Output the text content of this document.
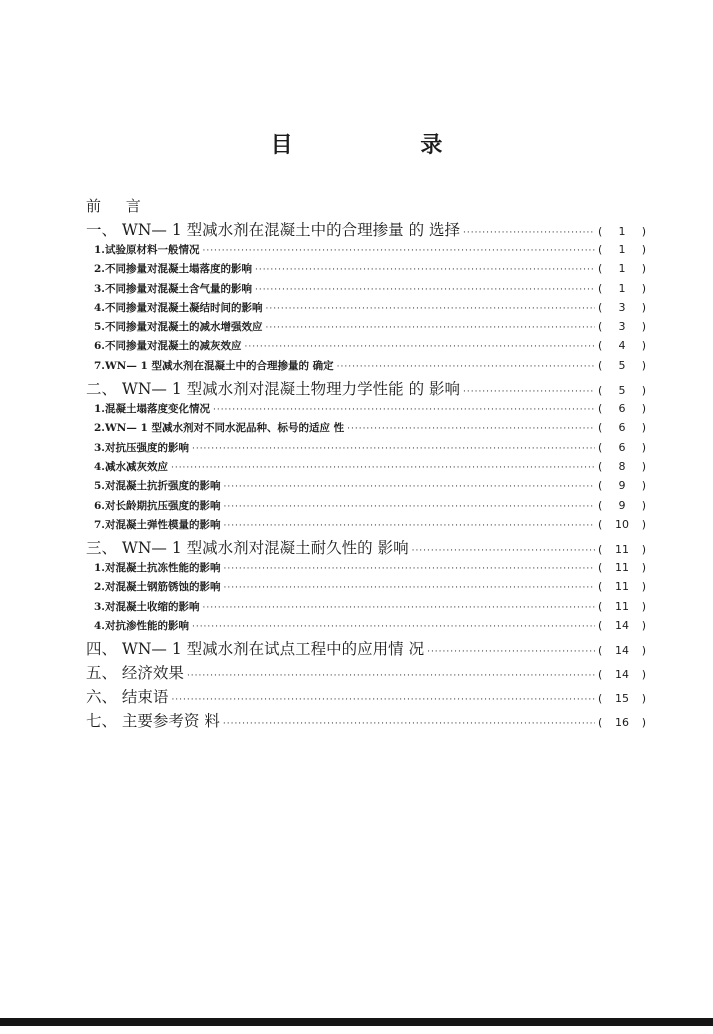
目 录
前 言
一、 WN— 1 型减水剂在混凝土中的合理掺量 的 选择 ·····	(	1	)
1.试验原材料一般情况 ·····	(	1	)
2.不同掺量对混凝土塌落度的影响 ·····	(	1	)
3.不同掺量对混凝土含气量的影响 ·····	(	1	)
4.不同掺量对混凝土凝结时间的影响 ·····	(	3	)
5.不同掺量对混凝土的减水增强效应 ·····	(	3	)
6.不同掺量对混凝土的减灰效应 ·····	(	4	)
7.WN— 1 型减水剂在混凝土中的合理掺量的 确定 ·····	(	5	)
二、 WN— 1 型减水剂对混凝土物理力学性能 的 影响 ·····	(	5	)
1.混凝土塌落度变化情况 ·····	(	6	)
2.WN— 1 型减水剂对不同水泥品种、标号的适应 性 ·····	(	6	)
3.对抗压强度的影响 ·····	(	6	)
4.减水减灰效应 ·····	(	8	)
5.对混凝土抗折强度的影响 ·····	(	9	)
6.对长龄期抗压强度的影响 ·····	(	9	)
7.对混凝土弹性模量的影响 ·····	(	10	)
三、 WN— 1 型减水剂对混凝土耐久性的 影响 ·····	(	11	)
1.对混凝土抗冻性能的影响 ·····	(	11	)
2.对混凝土钢筋锈蚀的影响 ·····	(	11	)
3.对混凝土收缩的影响 ·····	(	11	)
4.对抗渗性能的影响 ·····	(	14	)
四、 WN— 1 型减水剂在试点工程中的应用情 况 ·····	(	14	)
五、 经济效果 ·····	(	14	)
六、 结束语 ·····	(	15	)
七、 主要参考资 料 ·····	(	16	)
